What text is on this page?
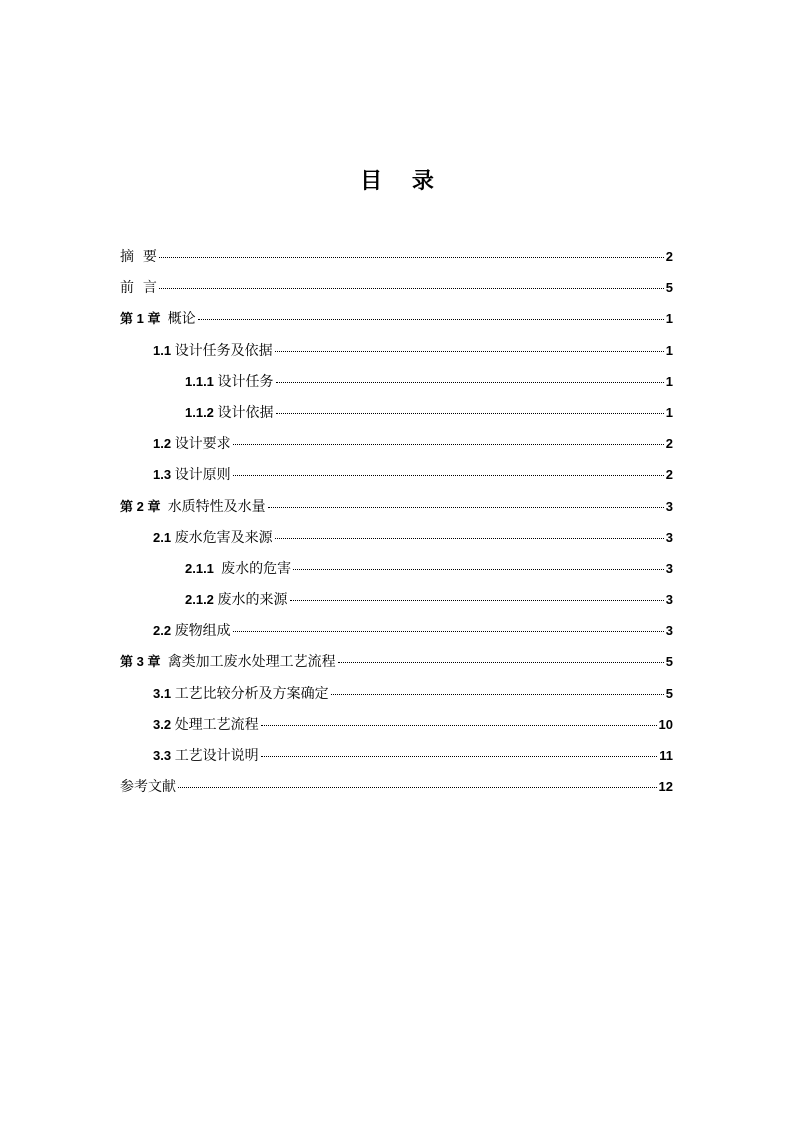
目 录
摘  要	2
前  言	5
第 1 章  概论	1
1.1 设计任务及依据	1
1.1.1 设计任务	1
1.1.2 设计依据	1
1.2 设计要求	2
1.3 设计原则	2
第 2 章  水质特性及水量	3
2.1 废水危害及来源	3
2.1.1  废水的危害	3
2.1.2 废水的来源	3
2.2 废物组成	3
第 3 章  禽类加工废水处理工艺流程	5
3.1 工艺比较分析及方案确定	5
3.2 处理工艺流程	10
3.3 工艺设计说明	11
参考文献	12
